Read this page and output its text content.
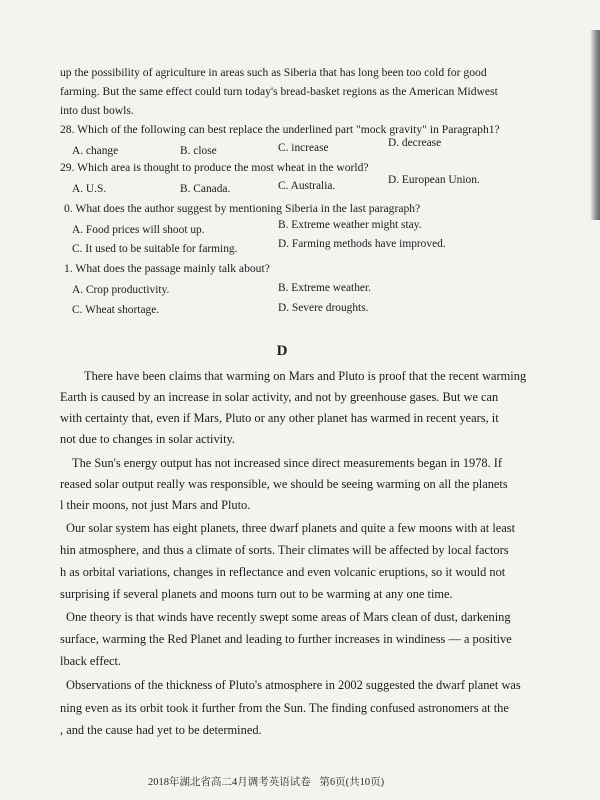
up the possibility of agriculture in areas such as Siberia that has long been too cold for good
farming. But the same effect could turn today's bread-basket regions as the American Midwest
into dust bowls.
28. Which of the following can best replace the underlined part "mock gravity" in Paragraph1?
A. change	B. close	C. increase	D. decrease
29. Which area is thought to produce the most wheat in the world?
A. U.S.	B. Canada.	C. Australia.	D. European Union.
0. What does the author suggest by mentioning Siberia in the last paragraph?
A. Food prices will shoot up.	B. Extreme weather might stay.
C. It used to be suitable for farming.	D. Farming methods have improved.
1. What does the passage mainly talk about?
A. Crop productivity.	B. Extreme weather.
C. Wheat shortage.	D. Severe droughts.
D
There have been claims that warming on Mars and Pluto is proof that the recent warming
Earth is caused by an increase in solar activity, and not by greenhouse gases. But we can
with certainty that, even if Mars, Pluto or any other planet has warmed in recent years, it
not due to changes in solar activity.
The Sun's energy output has not increased since direct measurements began in 1978. If
reased solar output really was responsible, we should be seeing warming on all the planets
l their moons, not just Mars and Pluto.
Our solar system has eight planets, three dwarf planets and quite a few moons with at least
hin atmosphere, and thus a climate of sorts. Their climates will be affected by local factors
h as orbital variations, changes in reflectance and even volcanic eruptions, so it would not
surprising if several planets and moons turn out to be warming at any one time.
One theory is that winds have recently swept some areas of Mars clean of dust, darkening
surface, warming the Red Planet and leading to further increases in windiness — a positive
lback effect.
Observations of the thickness of Pluto's atmosphere in 2002 suggested the dwarf planet was
ning even as its orbit took it further from the Sun. The finding confused astronomers at the
, and the cause had yet to be determined.
2018年湖北省高二4月调考英语试卷 第6页(共10页)
